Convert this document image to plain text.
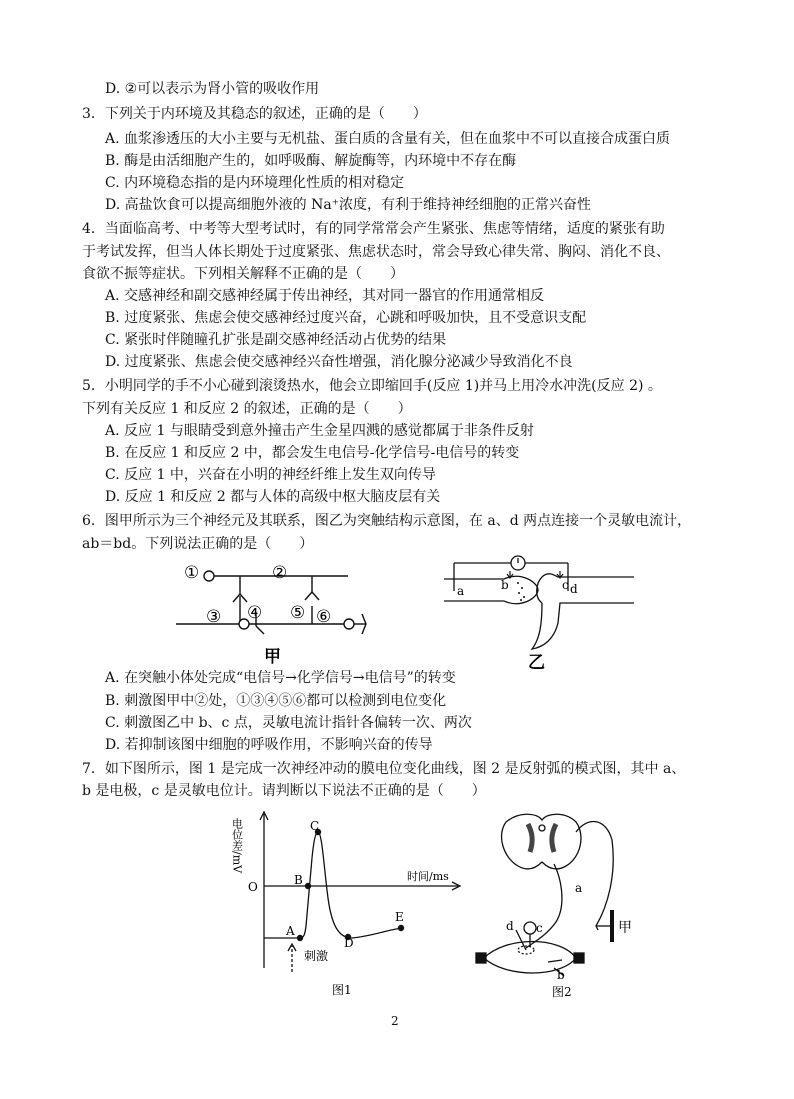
D. ②可以表示为肾小管的吸收作用
3．下列关于内环境及其稳态的叙述，正确的是（　　）
A. 血浆渗透压的大小主要与无机盐、蛋白质的含量有关，但在血浆中不可以直接合成蛋白质
B. 酶是由活细胞产生的，如呼吸酶、解旋酶等，内环境中不存在酶
C. 内环境稳态指的是内环境理化性质的相对稳定
D. 高盐饮食可以提高细胞外液的 Na⁺浓度，有利于维持神经细胞的正常兴奋性
4．当面临高考、中考等大型考试时，有的同学常常会产生紧张、焦虑等情绪，适度的紧张有助
于考试发挥，但当人体长期处于过度紧张、焦虑状态时，常会导致心律失常、胸闷、消化不良、
食欲不振等症状。下列相关解释不正确的是（　　）
A. 交感神经和副交感神经属于传出神经，其对同一器官的作用通常相反
B. 过度紧张、焦虑会使交感神经过度兴奋，心跳和呼吸加快，且不受意识支配
C. 紧张时伴随瞳孔扩张是副交感神经活动占优势的结果
D. 过度紧张、焦虑会使交感神经兴奋性增强，消化腺分泌减少导致消化不良
5．小明同学的手不小心碰到滚烫热水，他会立即缩回手(反应 1)并马上用冷水冲洗(反应 2) 。
下列有关反应 1 和反应 2 的叙述，正确的是（　　）
A. 反应 1 与眼睛受到意外撞击产生金星四溅的感觉都属于非条件反射
B. 在反应 1 和反应 2 中，都会发生电信号-化学信号-电信号的转变
C. 反应 1 中，兴奋在小明的神经纤维上发生双向传导
D. 反应 1 和反应 2 都与人体的高级中枢大脑皮层有关
6．图甲所示为三个神经元及其联系，图乙为突触结构示意图，在 a、d 两点连接一个灵敏电流计，
ab＝bd。下列说法正确的是（　　）
①	②
③ ④ ⑤ ⑥
甲
a	b	c d
乙
A. 在突触小体处完成“电信号→化学信号→电信号”的转变
B. 刺激图甲中②处，①③④⑤⑥都可以检测到电位变化
C. 刺激图乙中 b、c 点，灵敏电流计指针各偏转一次、两次
D. 若抑制该图中细胞的呼吸作用，不影响兴奋的传导
7．如下图所示，图 1 是完成一次神经冲动的膜电位变化曲线，图 2 是反射弧的模式图，其中 a、
b 是电极，c 是灵敏电位计。请判断以下说法不正确的是（　　）
电位差/mV
时间/ms
O
A
B
C
D
E
刺激
图1
a
b
c
d	甲
图2
2
